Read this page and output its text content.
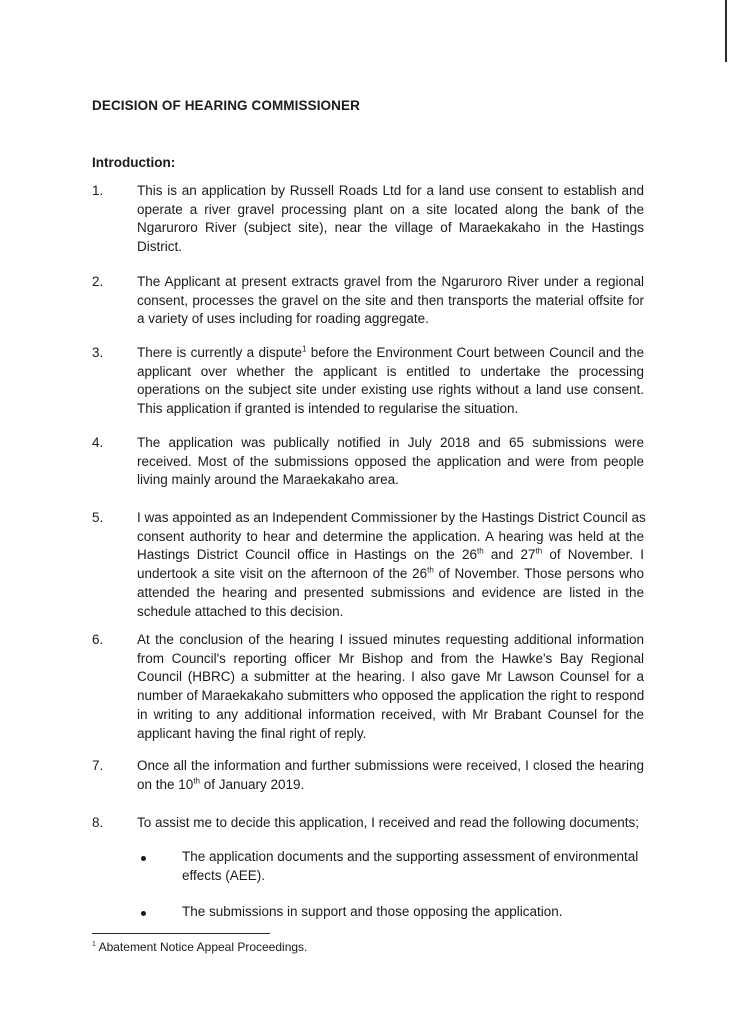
DECISION OF HEARING COMMISSIONER
Introduction:
1.	This is an application by Russell Roads Ltd for a land use consent to establish and
operate a river gravel processing plant on a site located along the bank of the
Ngaruroro River (subject site), near the village of Maraekakaho in the Hastings
District.
2.	The Applicant at present extracts gravel from the Ngaruroro River under a regional
consent, processes the gravel on the site and then transports the material offsite for
a variety of uses including for roading aggregate.
3.	There is currently a dispute$^1$ before the Environment Court between Council and the
applicant over whether the applicant is entitled to undertake the processing
operations on the subject site under existing use rights without a land use consent.
This application if granted is intended to regularise the situation.
4.	The application was publically notified in July 2018 and 65 submissions were
received. Most of the submissions opposed the application and were from people
living mainly around the Maraekakaho area.
5.	I was appointed as an Independent Commissioner by the Hastings District Council as
consent authority to hear and determine the application. A hearing was held at the
Hastings District Council office in Hastings on the 26th and 27th of November. I
undertook a site visit on the afternoon of the 26th of November. Those persons who
attended the hearing and presented submissions and evidence are listed in the
schedule attached to this decision.
6.	At the conclusion of the hearing I issued minutes requesting additional information
from Council's reporting officer Mr Bishop and from the Hawke's Bay Regional
Council (HBRC) a submitter at the hearing. I also gave Mr Lawson Counsel for a
number of Maraekakaho submitters who opposed the application the right to respond
in writing to any additional information received, with Mr Brabant Counsel for the
applicant having the final right of reply.
7.	Once all the information and further submissions were received, I closed the hearing
on the 10th of January 2019.
8.	To assist me to decide this application, I received and read the following documents;
The application documents and the supporting assessment of environmental
effects (AEE).
The submissions in support and those opposing the application.
$^1$ Abatement Notice Appeal Proceedings.
